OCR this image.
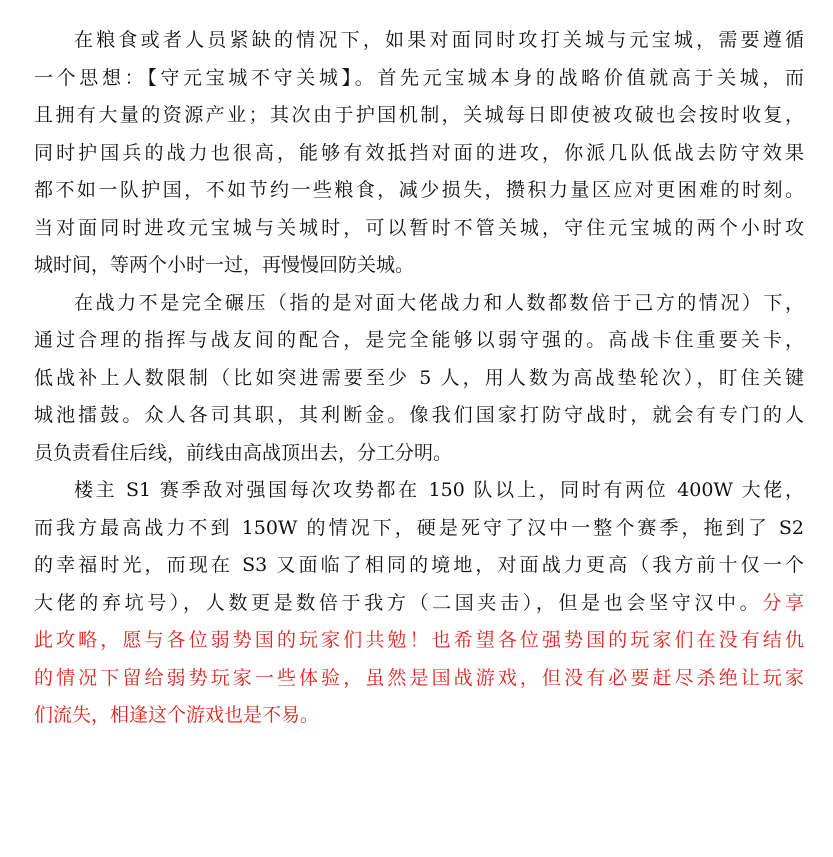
在粮食或者人员紧缺的情况下，如果对面同时攻打关城与元宝城，需要遵循
一个思想：【守元宝城不守关城】。首先元宝城本身的战略价值就高于关城，而
且拥有大量的资源产业；其次由于护国机制，关城每日即使被攻破也会按时收复，
同时护国兵的战力也很高，能够有效抵挡对面的进攻，你派几队低战去防守效果
都不如一队护国，不如节约一些粮食，减少损失，攒积力量区应对更困难的时刻。
当对面同时进攻元宝城与关城时，可以暂时不管关城，守住元宝城的两个小时攻
城时间，等两个小时一过，再慢慢回防关城。
在战力不是完全碾压（指的是对面大佬战力和人数都数倍于己方的情况）下，
通过合理的指挥与战友间的配合，是完全能够以弱守强的。高战卡住重要关卡，
低战补上人数限制（比如突进需要至少 5 人，用人数为高战垫轮次），盯住关键
城池擂鼓。众人各司其职，其利断金。像我们国家打防守战时，就会有专门的人
员负责看住后线，前线由高战顶出去，分工分明。
楼主 S1 赛季敌对强国每次攻势都在 150 队以上，同时有两位 400W 大佬，
而我方最高战力不到 150W 的情况下，硬是死守了汉中一整个赛季，拖到了 S2
的幸福时光，而现在 S3 又面临了相同的境地，对面战力更高（我方前十仅一个
大佬的弃坑号），人数更是数倍于我方（二国夹击），但是也会坚守汉中。分享
此攻略，愿与各位弱势国的玩家们共勉！也希望各位强势国的玩家们在没有结仇
的情况下留给弱势玩家一些体验，虽然是国战游戏，但没有必要赶尽杀绝让玩家
们流失，相逢这个游戏也是不易。
